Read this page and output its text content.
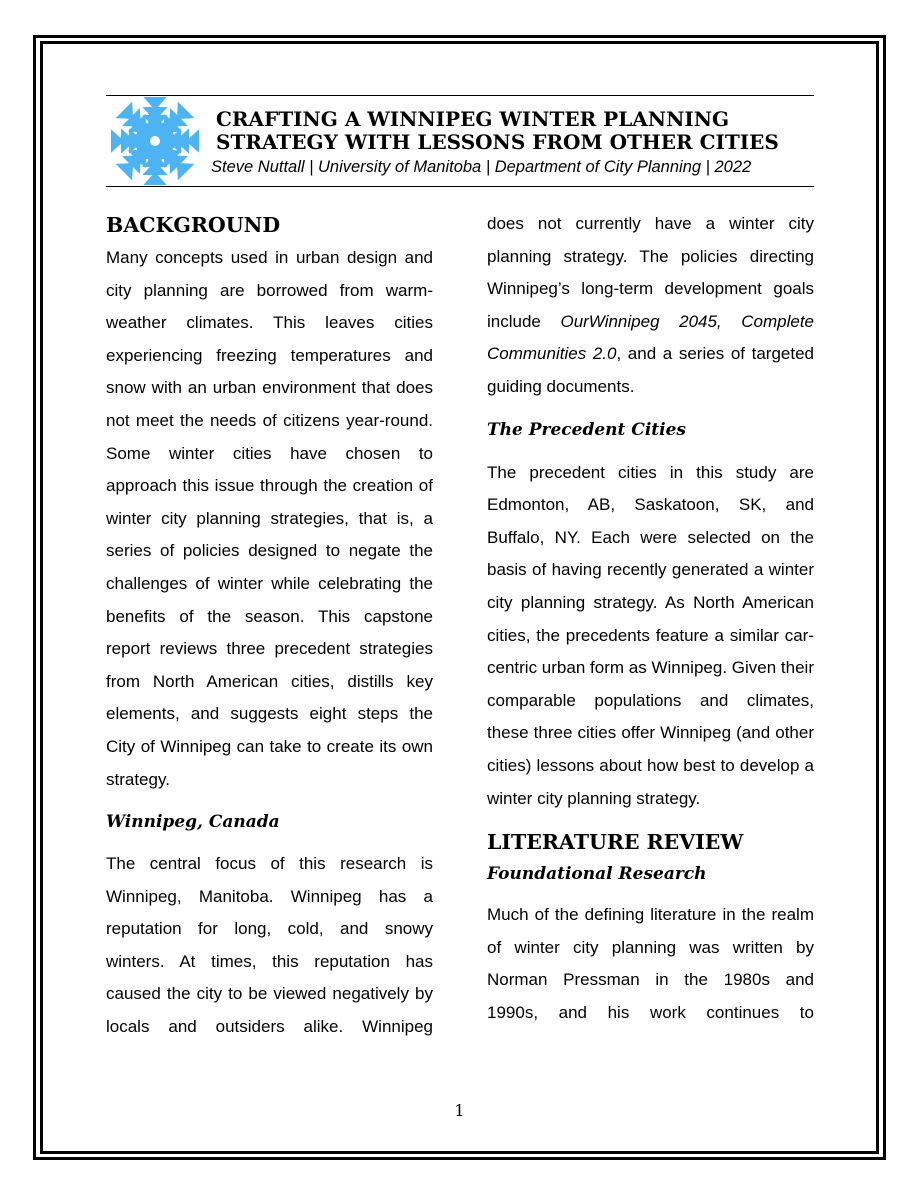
CRAFTING A WINNIPEG WINTER PLANNING
STRATEGY WITH LESSONS FROM OTHER CITIES

Steve Nuttall | University of Manitoba | Department of City Planning | 2022

BACKGROUND

Many concepts used in urban design and city planning are borrowed from warm-weather climates. This leaves cities experiencing freezing temperatures and snow with an urban environment that does not meet the needs of citizens year-round. Some winter cities have chosen to approach this issue through the creation of winter city planning strategies, that is, a series of policies designed to negate the challenges of winter while celebrating the benefits of the season. This capstone report reviews three precedent strategies from North American cities, distills key elements, and suggests eight steps the City of Winnipeg can take to create its own strategy.

Winnipeg, Canada

The central focus of this research is Winnipeg, Manitoba. Winnipeg has a reputation for long, cold, and snowy winters. At times, this reputation has caused the city to be viewed negatively by locals and outsiders alike. Winnipeg

does not currently have a winter city planning strategy. The policies directing Winnipeg’s long-term development goals include OurWinnipeg 2045, Complete Communities 2.0, and a series of targeted guiding documents.

The Precedent Cities

The precedent cities in this study are Edmonton, AB, Saskatoon, SK, and Buffalo, NY. Each were selected on the basis of having recently generated a winter city planning strategy. As North American cities, the precedents feature a similar car-centric urban form as Winnipeg. Given their comparable populations and climates, these three cities offer Winnipeg (and other cities) lessons about how best to develop a winter city planning strategy.

LITERATURE REVIEW
Foundational Research

Much of the defining literature in the realm of winter city planning was written by Norman Pressman in the 1980s and 1990s, and his work continues to

1
